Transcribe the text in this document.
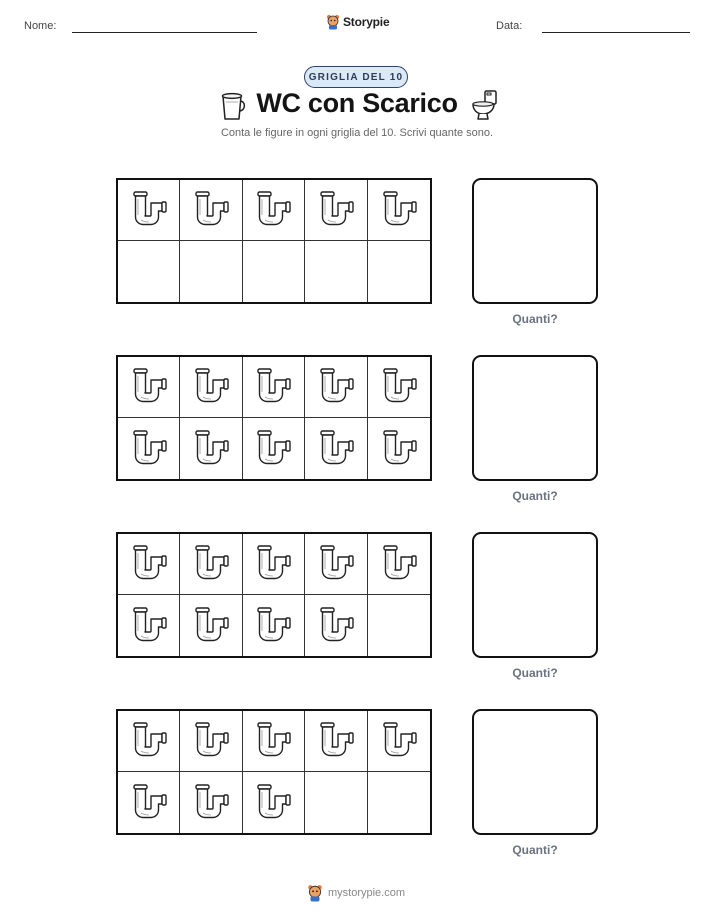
Nome:	Storypie	Data:
GRIGLIA DEL 10
WC con Scarico
Conta le figure in ogni griglia del 10. Scrivi quante sono.
Quanti?
Quanti?
Quanti?
Quanti?
mystorypie.com
